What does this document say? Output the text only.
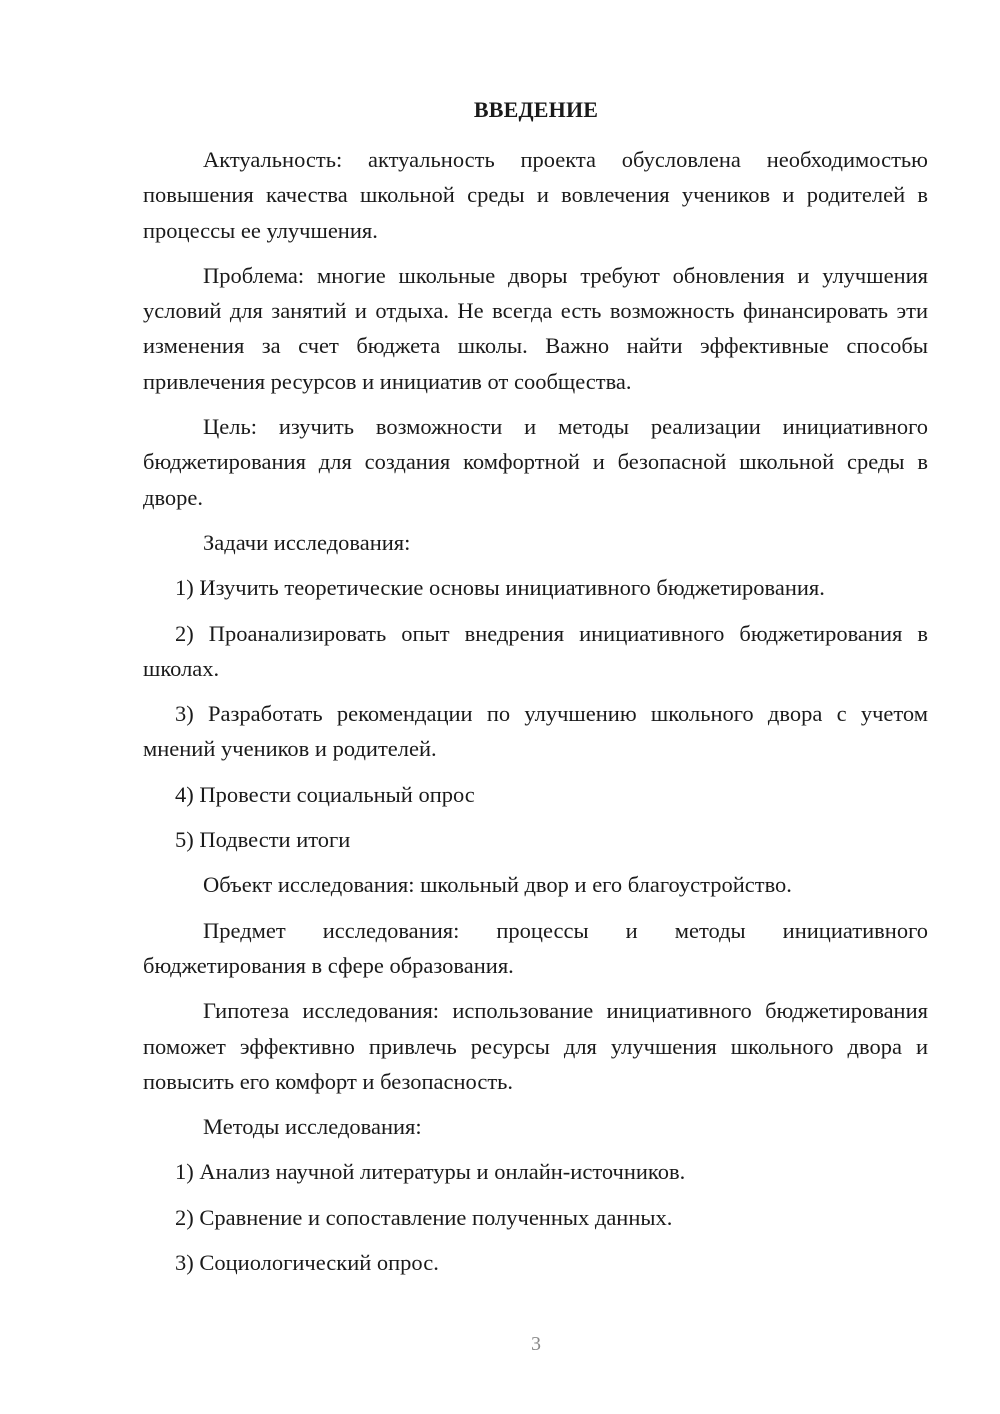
ВВЕДЕНИЕ

Актуальность: актуальность проекта обусловлена необходимостью повышения качества школьной среды и вовлечения учеников и родителей в процессы ее улучшения.

Проблема: многие школьные дворы требуют обновления и улучшения условий для занятий и отдыха. Не всегда есть возможность финансировать эти изменения за счет бюджета школы. Важно найти эффективные способы привлечения ресурсов и инициатив от сообщества.

Цель: изучить возможности и методы реализации инициативного бюджетирования для создания комфортной и безопасной школьной среды в дворе.

Задачи исследования:

1) Изучить теоретические основы инициативного бюджетирования.

2) Проанализировать опыт внедрения инициативного бюджетирования в школах.

3) Разработать рекомендации по улучшению школьного двора с учетом мнений учеников и родителей.

4) Провести социальный опрос

5) Подвести итоги

Объект исследования: школьный двор и его благоустройство.

Предмет исследования: процессы и методы инициативного бюджетирования в сфере образования.

Гипотеза исследования: использование инициативного бюджетирования поможет эффективно привлечь ресурсы для улучшения школьного двора и повысить его комфорт и безопасность.

Методы исследования:

1) Анализ научной литературы и онлайн-источников.

2) Сравнение и сопоставление полученных данных.

3) Социологический опрос.

3
